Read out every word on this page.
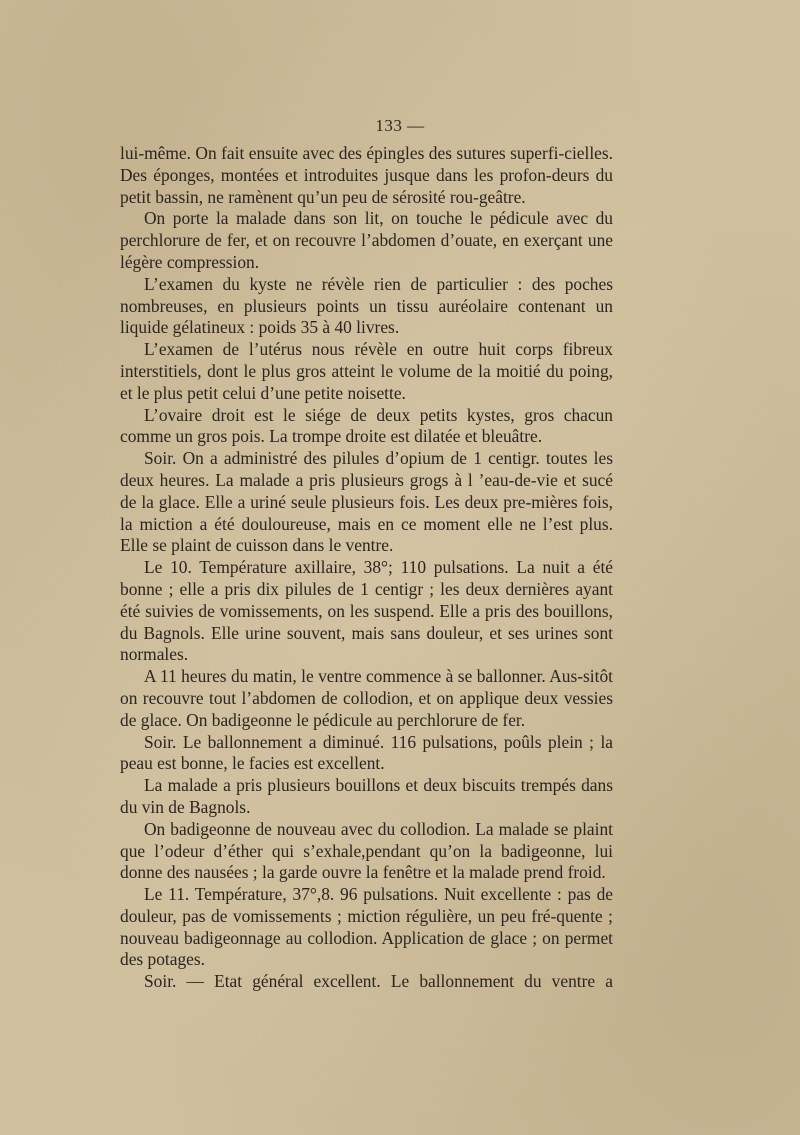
133 —

lui-même. On fait ensuite avec des épingles des sutures superfi-cielles. Des éponges, montées et introduites jusque dans les profon-deurs du petit bassin, ne ramènent qu’un peu de sérosité rou-geâtre.

On porte la malade dans son lit, on touche le pédicule avec du perchlorure de fer, et on recouvre l’abdomen d’ouate, en exerçant une légère compression.

L’examen du kyste ne révèle rien de particulier : des poches nombreuses, en plusieurs points un tissu auréolaire contenant un liquide gélatineux : poids 35 à 40 livres.

L’examen de l’utérus nous révèle en outre huit corps fibreux interstitiels, dont le plus gros atteint le volume de la moitié du poing, et le plus petit celui d’une petite noisette.

L’ovaire droit est le siége de deux petits kystes, gros chacun comme un gros pois. La trompe droite est dilatée et bleuâtre.

Soir. On a administré des pilules d’opium de 1 centigr. toutes les deux heures. La malade a pris plusieurs grogs à l ’eau-de-vie et sucé de la glace. Elle a uriné seule plusieurs fois. Les deux pre-mières fois, la miction a été douloureuse, mais en ce moment elle ne l’est plus. Elle se plaint de cuisson dans le ventre.

Le 10. Température axillaire, 38°; 110 pulsations. La nuit a été bonne ; elle a pris dix pilules de 1 centigr ; les deux dernières ayant été suivies de vomissements, on les suspend. Elle a pris des bouillons, du Bagnols. Elle urine souvent, mais sans douleur, et ses urines sont normales.

A 11 heures du matin, le ventre commence à se ballonner. Aus-sitôt on recouvre tout l’abdomen de collodion, et on applique deux vessies de glace. On badigeonne le pédicule au perchlorure de fer.

Soir. Le ballonnement a diminué. 116 pulsations, poûls plein ; la peau est bonne, le facies est excellent.

La malade a pris plusieurs bouillons et deux biscuits trempés dans du vin de Bagnols.

On badigeonne de nouveau avec du collodion. La malade se plaint que l’odeur d’éther qui s’exhale,pendant qu’on la badigeonne, lui donne des nausées ; la garde ouvre la fenêtre et la malade prend froid.

Le 11. Température, 37°,8. 96 pulsations. Nuit excellente : pas de douleur, pas de vomissements ; miction régulière, un peu fré-quente ; nouveau badigeonnage au collodion. Application de glace ; on permet des potages.

Soir. — Etat général excellent. Le ballonnement du ventre a
